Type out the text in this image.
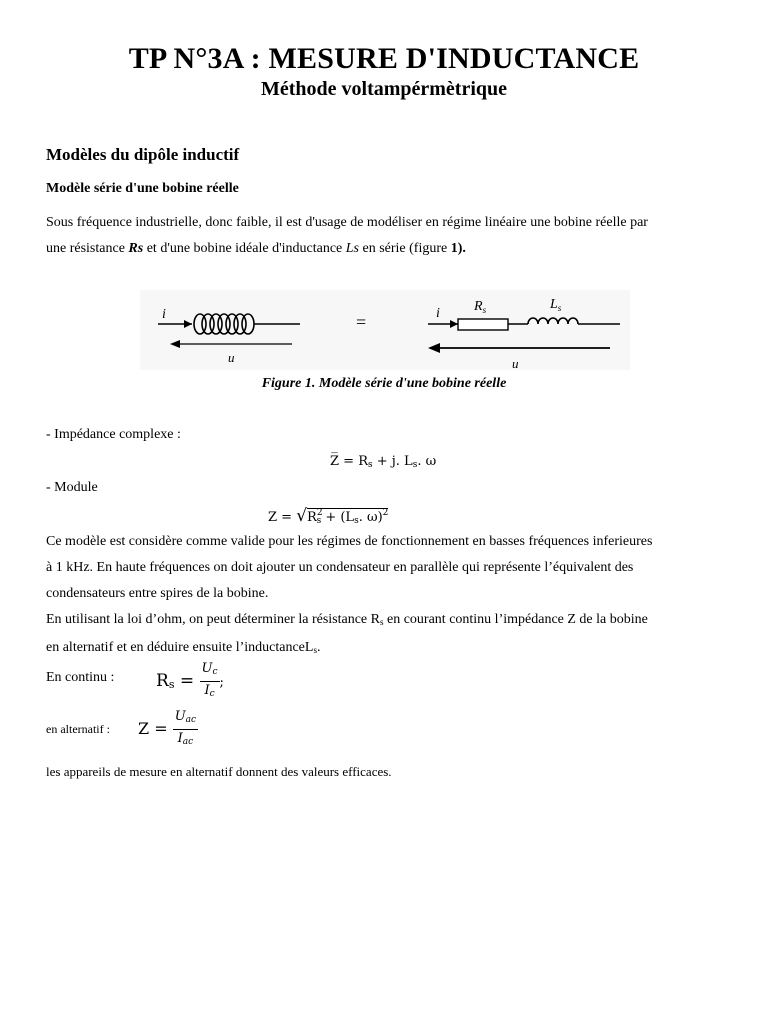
TP N°3A : MESURE D'INDUCTANCE
Méthode voltampérmètrique
Modèles du dipôle inductif
Modèle série d'une bobine réelle
Sous fréquence industrielle, donc faible, il est d'usage de modéliser en régime linéaire une bobine réelle par
une résistance Rs et d'une bobine idéale d'inductance Ls en série (figure 1).
i
u
=	i $R_s$	$L_s$
u
Figure 1. Modèle série d'une bobine réelle
- Impédance complexe :
Z̅ = $R_s + j$. $L_s$. ω
- Module
$Z = √R^2_s + (L_s$. ω)$^2$
Ce modèle est considère comme valide pour les régimes de fonctionnement en basses fréquences inferieures
à 1 kHz. En haute fréquences on doit ajouter un condensateur en parallèle qui représente l’équivalent des
condensateurs entre spires de la bobine.
En utilisant la loi d’ohm, on peut déterminer la résistance $R_s$ en courant continu l’impédance Z de la bobine
en alternatif et en déduire ensuite l’inductanceL$_s$.
En continu : $Rs = \frac{U_c}{I_c}$ ;
en alternatif : $Z = \frac{U_{ac}}{I_{ac}}$
les appareils de mesure en alternatif donnent des valeurs efficaces.
